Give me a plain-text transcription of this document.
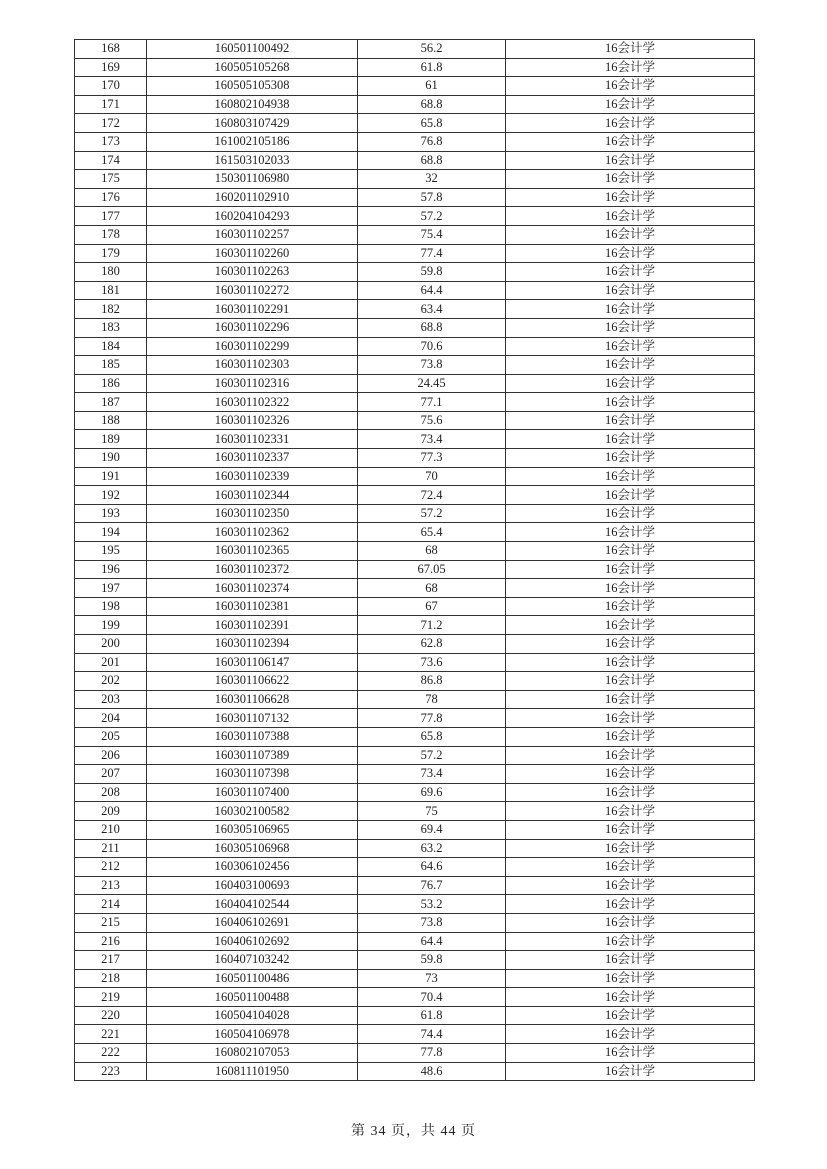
168	160501100492	56.2	16会计学
169	160505105268	61.8	16会计学
170	160505105308	61	16会计学
171	160802104938	68.8	16会计学
172	160803107429	65.8	16会计学
173	161002105186	76.8	16会计学
174	161503102033	68.8	16会计学
175	150301106980	32	16会计学
176	160201102910	57.8	16会计学
177	160204104293	57.2	16会计学
178	160301102257	75.4	16会计学
179	160301102260	77.4	16会计学
180	160301102263	59.8	16会计学
181	160301102272	64.4	16会计学
182	160301102291	63.4	16会计学
183	160301102296	68.8	16会计学
184	160301102299	70.6	16会计学
185	160301102303	73.8	16会计学
186	160301102316	24.45	16会计学
187	160301102322	77.1	16会计学
188	160301102326	75.6	16会计学
189	160301102331	73.4	16会计学
190	160301102337	77.3	16会计学
191	160301102339	70	16会计学
192	160301102344	72.4	16会计学
193	160301102350	57.2	16会计学
194	160301102362	65.4	16会计学
195	160301102365	68	16会计学
196	160301102372	67.05	16会计学
197	160301102374	68	16会计学
198	160301102381	67	16会计学
199	160301102391	71.2	16会计学
200	160301102394	62.8	16会计学
201	160301106147	73.6	16会计学
202	160301106622	86.8	16会计学
203	160301106628	78	16会计学
204	160301107132	77.8	16会计学
205	160301107388	65.8	16会计学
206	160301107389	57.2	16会计学
207	160301107398	73.4	16会计学
208	160301107400	69.6	16会计学
209	160302100582	75	16会计学
210	160305106965	69.4	16会计学
211	160305106968	63.2	16会计学
212	160306102456	64.6	16会计学
213	160403100693	76.7	16会计学
214	160404102544	53.2	16会计学
215	160406102691	73.8	16会计学
216	160406102692	64.4	16会计学
217	160407103242	59.8	16会计学
218	160501100486	73	16会计学
219	160501100488	70.4	16会计学
220	160504104028	61.8	16会计学
221	160504106978	74.4	16会计学
222	160802107053	77.8	16会计学
223	160811101950	48.6	16会计学
第 34 页，共 44 页
